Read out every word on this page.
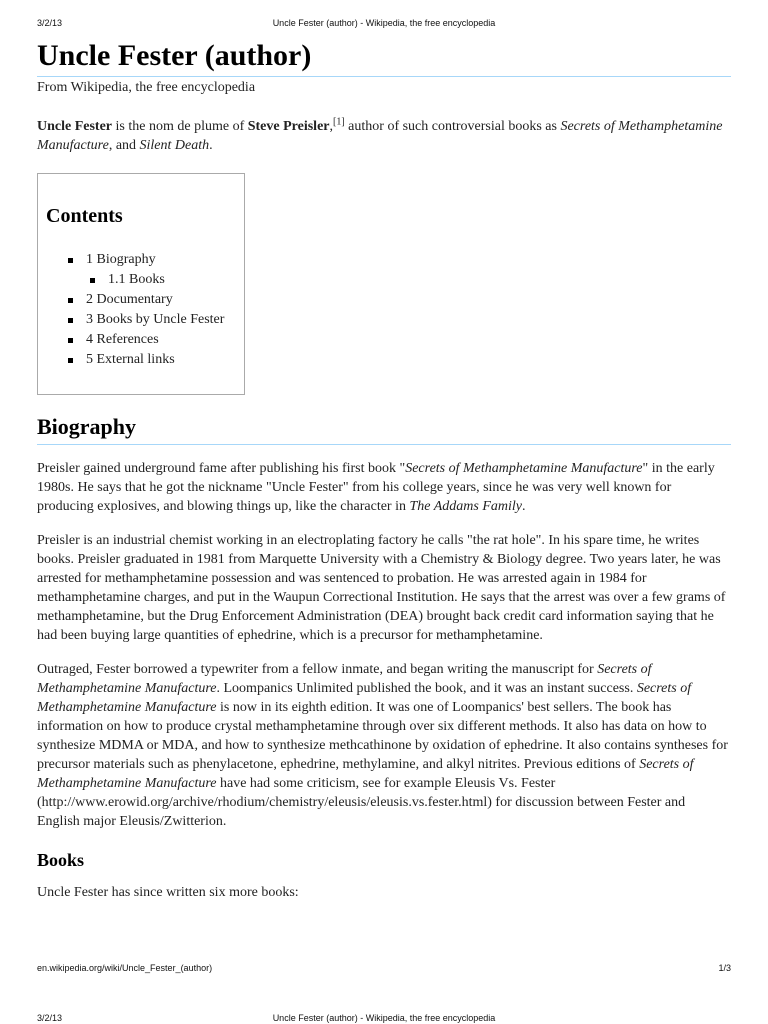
Uncle Fester (author) - Wikipedia, the free encyclopedia
3/2/13
Uncle Fester (author)
From Wikipedia, the free encyclopedia

Uncle Fester is the nom de plume of Steve Preisler,[1] author of such controversial books as Secrets of Methamphetamine Manufacture, and Silent Death.

Contents
1 Biography
1.1 Books
2 Documentary
3 Books by Uncle Fester
4 References
5 External links
Biography

Preisler gained underground fame after publishing his first book "Secrets of Methamphetamine Manufacture" in the early 1980s. He says that he got the nickname "Uncle Fester" from his college years, since he was very well known for producing explosives, and blowing things up, like the character in The Addams Family.

Preisler is an industrial chemist working in an electroplating factory he calls "the rat hole". In his spare time, he writes books. Preisler graduated in 1981 from Marquette University with a Chemistry & Biology degree. Two years later, he was arrested for methamphetamine possession and was sentenced to probation. He was arrested again in 1984 for methamphetamine charges, and put in the Waupun Correctional Institution. He says that the arrest was over a few grams of methamphetamine, but the Drug Enforcement Administration (DEA) brought back credit card information saying that he had been buying large quantities of ephedrine, which is a precursor for methamphetamine.

Outraged, Fester borrowed a typewriter from a fellow inmate, and began writing the manuscript for Secrets of Methamphetamine Manufacture. Loompanics Unlimited published the book, and it was an instant success. Secrets of Methamphetamine Manufacture is now in its eighth edition. It was one of Loompanics' best sellers. The book has information on how to produce crystal methamphetamine through over six different methods. It also has data on how to synthesize MDMA or MDA, and how to synthesize methcathinone by oxidation of ephedrine. It also contains syntheses for precursor materials such as phenylacetone, ephedrine, methylamine, and alkyl nitrites. Previous editions of Secrets of Methamphetamine Manufacture have had some criticism, see for example Eleusis Vs. Fester (http://www.erowid.org/archive/rhodium/chemistry/eleusis/eleusis.vs.fester.html) for discussion between Fester and English major Eleusis/Zwitterion.

Books

Uncle Fester has since written six more books:

en.wikipedia.org/wiki/Uncle_Fester_(author)	1/3
Uncle Fester (author) - Wikipedia, the free encyclopedia
3/2/13
